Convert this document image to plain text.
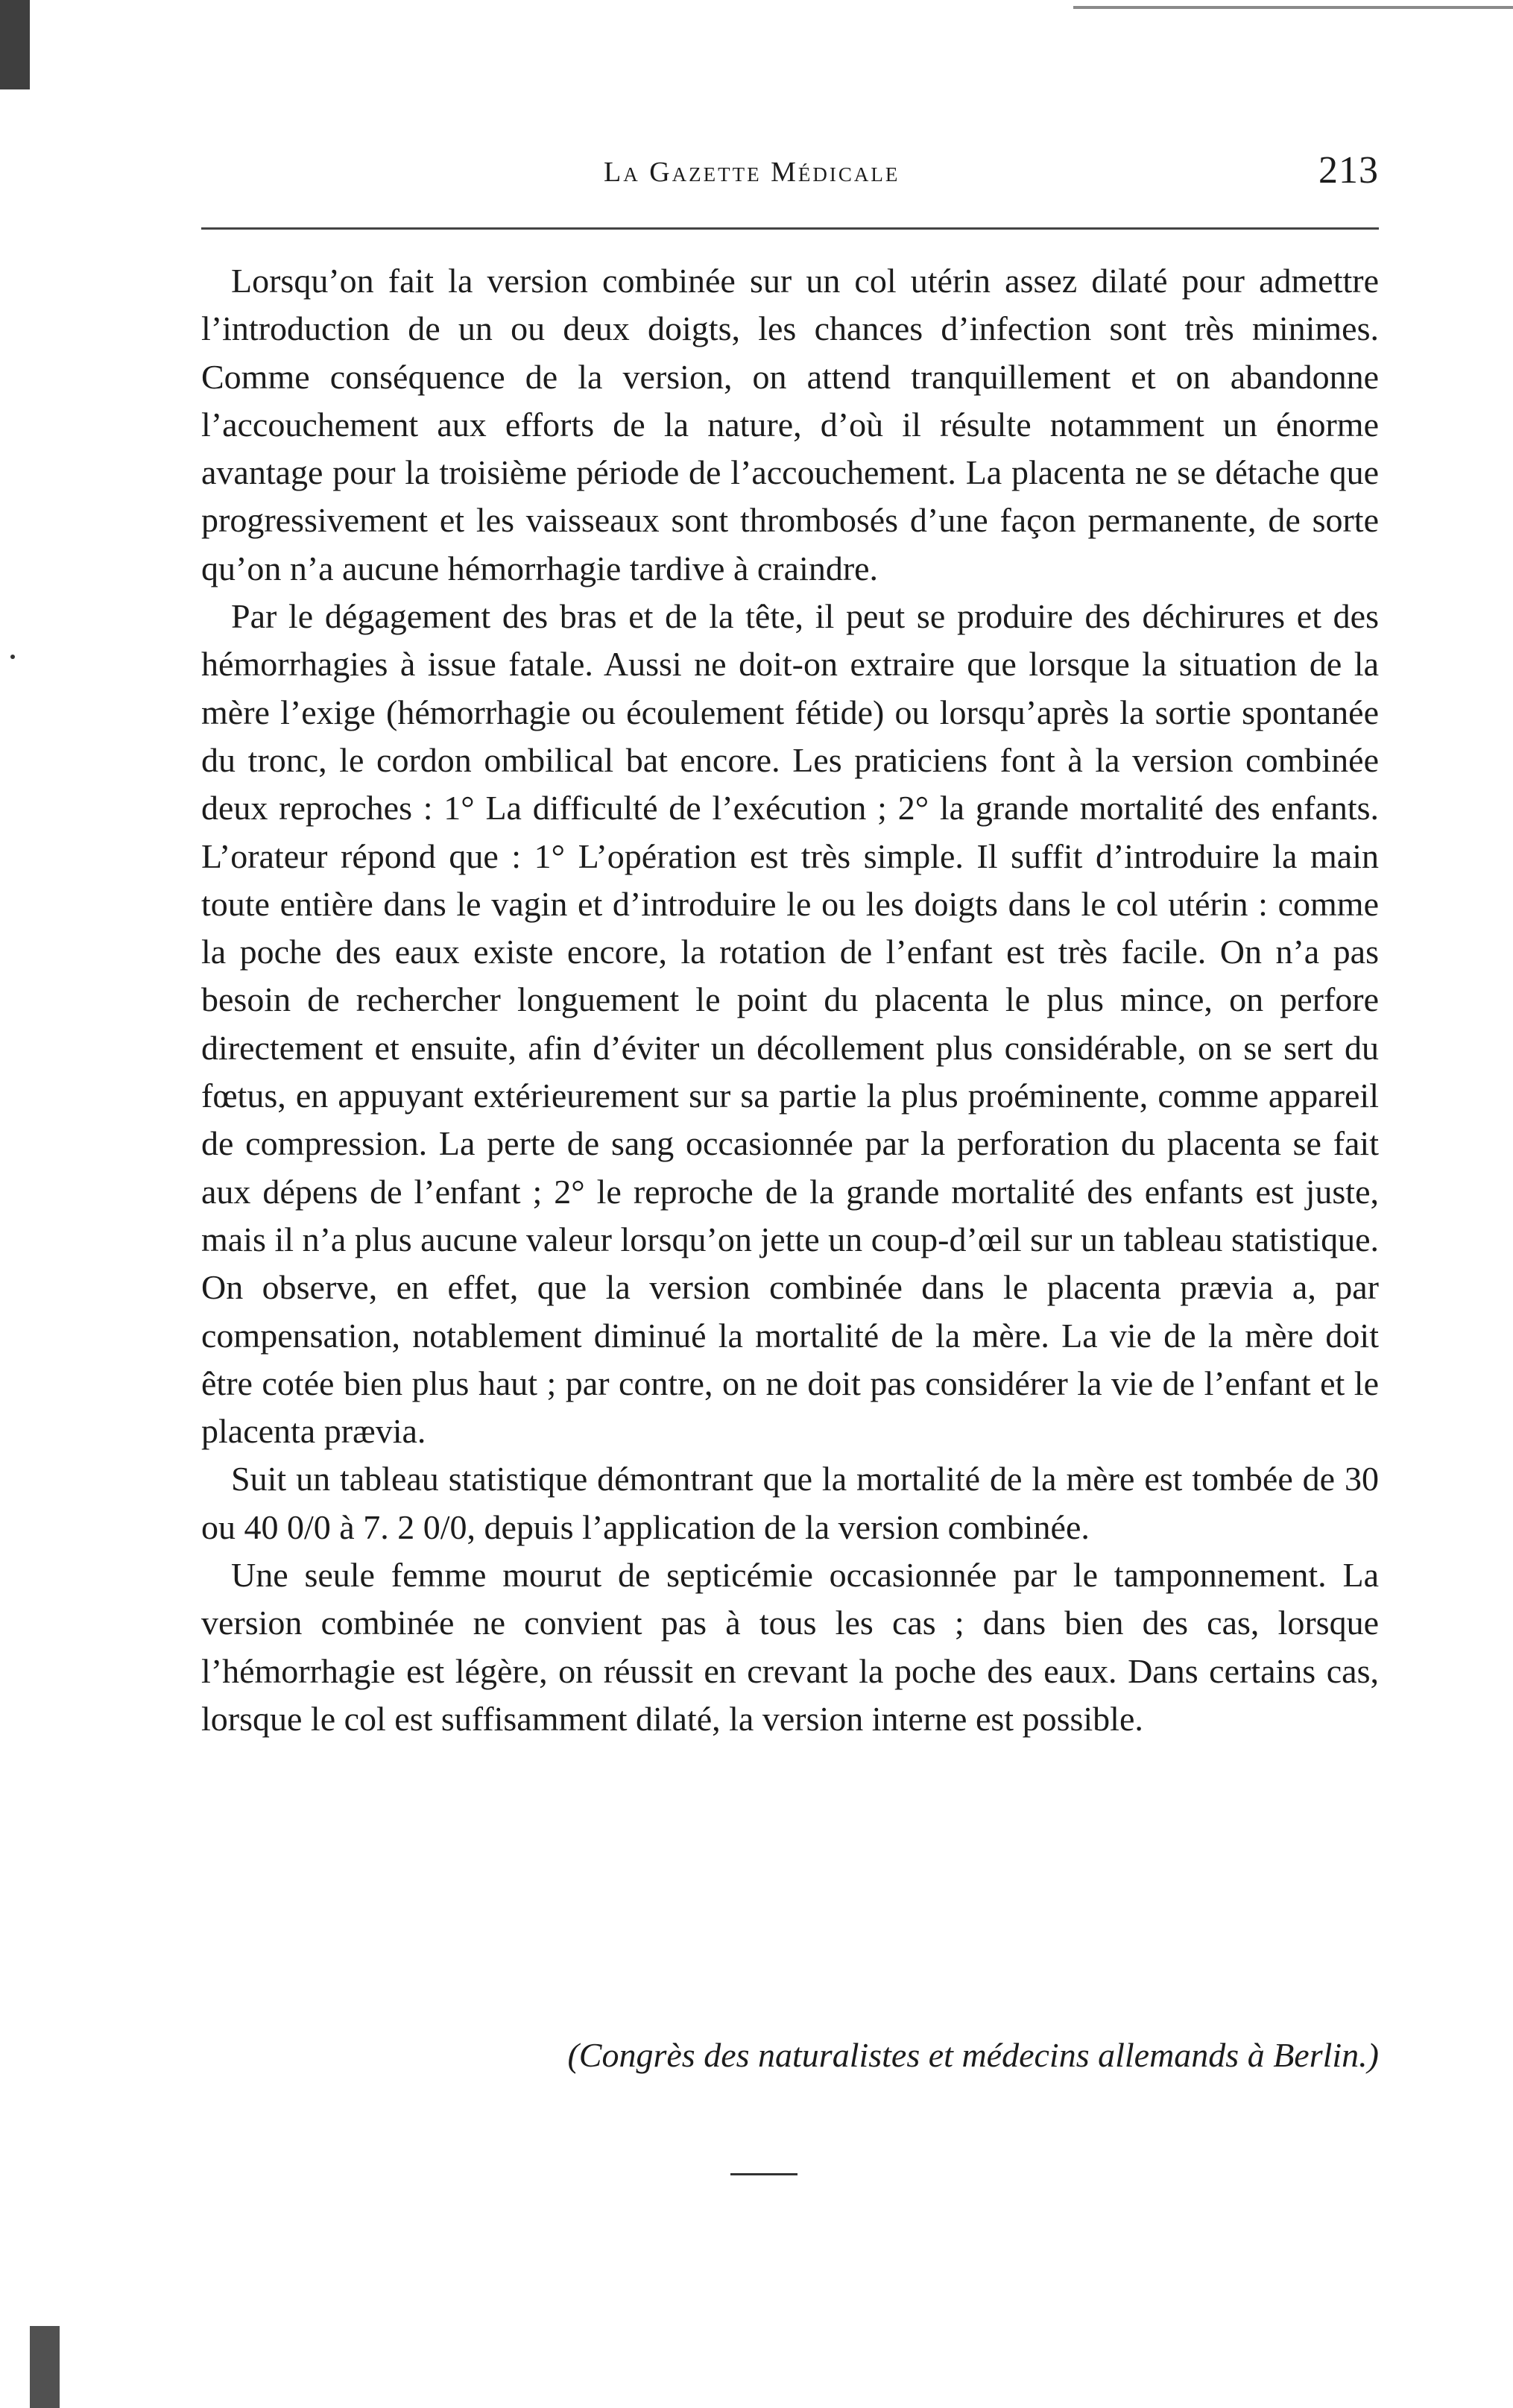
La Gazette Médicale	213

Lorsqu’on fait la version combinée sur un col utérin assez dilaté pour admettre l’introduction de un ou deux doigts, les chances d’infection sont très minimes. Comme conséquence de la version, on attend tranquillement et on abandonne l’accouchement aux efforts de la nature, d’où il résulte notamment un énorme avantage pour la troisième période de l’accouchement. La placenta ne se détache que progressivement et les vaisseaux sont thrombosés d’une façon permanente, de sorte qu’on n’a aucune hémorrhagie tardive à craindre.

Par le dégagement des bras et de la tête, il peut se produire des déchirures et des hémorrhagies à issue fatale. Aussi ne doit-on extraire que lorsque la situation de la mère l’exige (hémorrhagie ou écoulement fétide) ou lorsqu’après la sortie spontanée du tronc, le cordon ombilical bat encore. Les praticiens font à la version combinée deux reproches : 1° La difficulté de l’exécution ; 2° la grande mortalité des enfants. L’orateur répond que : 1° L’opération est très simple. Il suffit d’introduire la main toute entière dans le vagin et d’introduire le ou les doigts dans le col utérin : comme la poche des eaux existe encore, la rotation de l’enfant est très facile. On n’a pas besoin de rechercher longuement le point du placenta le plus mince, on perfore directement et ensuite, afin d’éviter un décollement plus considérable, on se sert du fœtus, en appuyant extérieurement sur sa partie la plus proéminente, comme appareil de compression. La perte de sang occasionnée par la perforation du placenta se fait aux dépens de l’enfant ; 2° le reproche de la grande mortalité des enfants est juste, mais il n’a plus aucune valeur lorsqu’on jette un coup-d’œil sur un tableau statistique. On observe, en effet, que la version combinée dans le placenta prævia a, par compensation, notablement diminué la mortalité de la mère. La vie de la mère doit être cotée bien plus haut ; par contre, on ne doit pas considérer la vie de l’enfant et le placenta prævia.

Suit un tableau statistique démontrant que la mortalité de la mère est tombée de 30 ou 40 0/0 à 7. 2 0/0, depuis l’application de la version combinée.

Une seule femme mourut de septicémie occasionnée par le tamponnement. La version combinée ne convient pas à tous les cas ; dans bien des cas, lorsque l’hémorrhagie est légère, on réussit en crevant la poche des eaux. Dans certains cas, lorsque le col est suffisamment dilaté, la version interne est possible.

(Congrès des naturalistes et médecins allemands à Berlin.)
